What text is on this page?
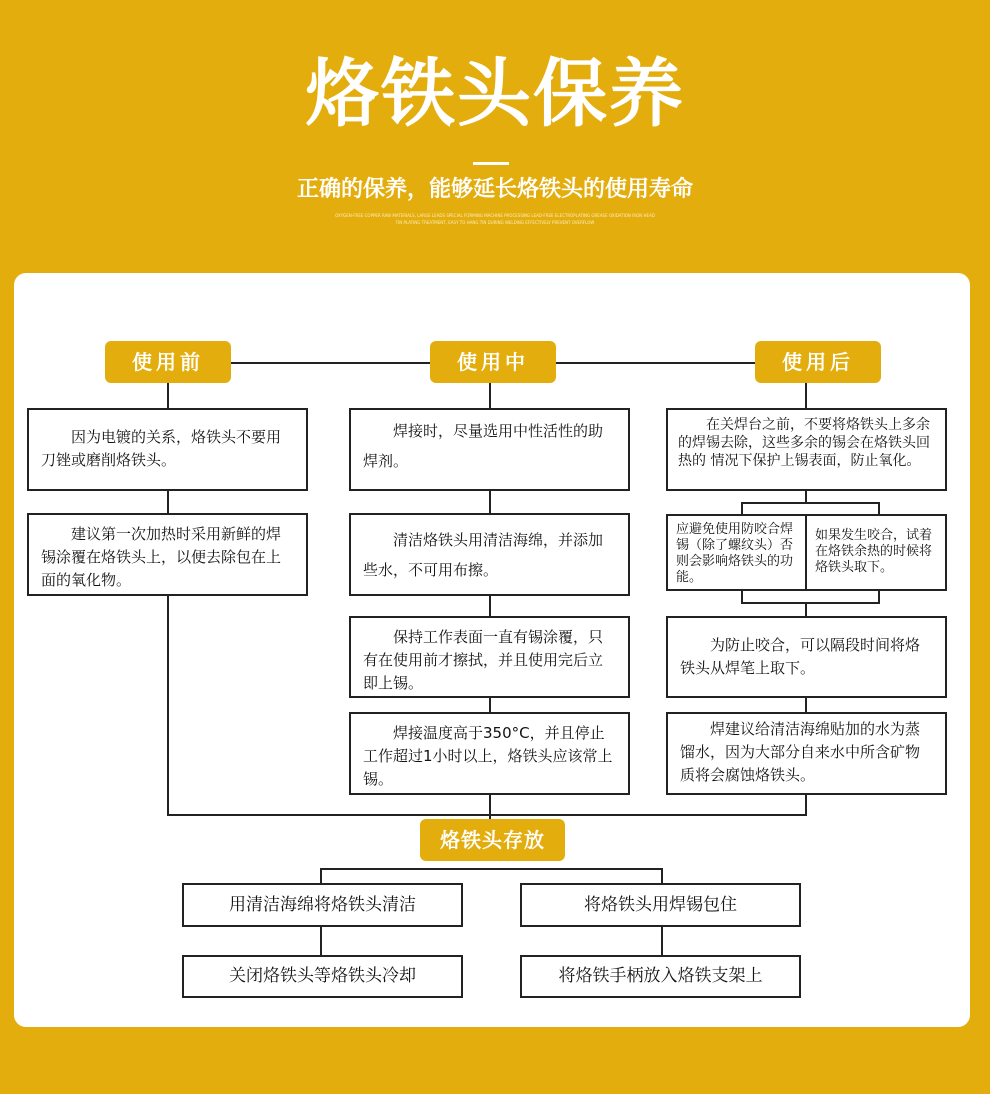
烙铁头保养
正确的保养，能够延长烙铁头的使用寿命
OXYGEN-FREE COPPER RAW MATERIALS, LARGE LEADS SPECIAL FORMING MACHINE PROCESSING LEAD-FREE ELECTROPLATING GREASE OXIDATION IRON HEAD
TIN PLATING TREATMENT, EASY TO HANG TIN DURING WELDING EFFECTIVELY PREVENT OVERFLOW
使用前	使用中	使用后
烙铁头存放
因为电镀的关系，烙铁头不要用刀锉或磨削烙铁头。
建议第一次加热时采用新鲜的焊锡涂覆在烙铁头上，以便去除包在上面的氧化物。
焊接时，尽量选用中性活性的助焊剂。
清洁烙铁头用清洁海绵，并添加些水，不可用布擦。
保持工作表面一直有锡涂覆，只有在使用前才擦拭，并且使用完后立即上锡。
焊接温度高于350°C，并且停止工作超过1小时以上，烙铁头应该常上锡。
在关焊台之前，不要将烙铁头上多余的焊锡去除，这些多余的锡会在烙铁头回热的 情况下保护上锡表面，防止氧化。
应避免使用防咬合焊锡（除了螺纹头）否则会影响烙铁头的功能。
如果发生咬合，试着在烙铁余热的时候将烙铁头取下。
为防止咬合，可以隔段时间将烙铁头从焊笔上取下。
焊建议给清洁海绵贴加的水为蒸馏水，因为大部分自来水中所含矿物质将会腐蚀烙铁头。
用清洁海绵将烙铁头清洁
关闭烙铁头等烙铁头冷却
将烙铁头用焊锡包住
将烙铁手柄放入烙铁支架上
